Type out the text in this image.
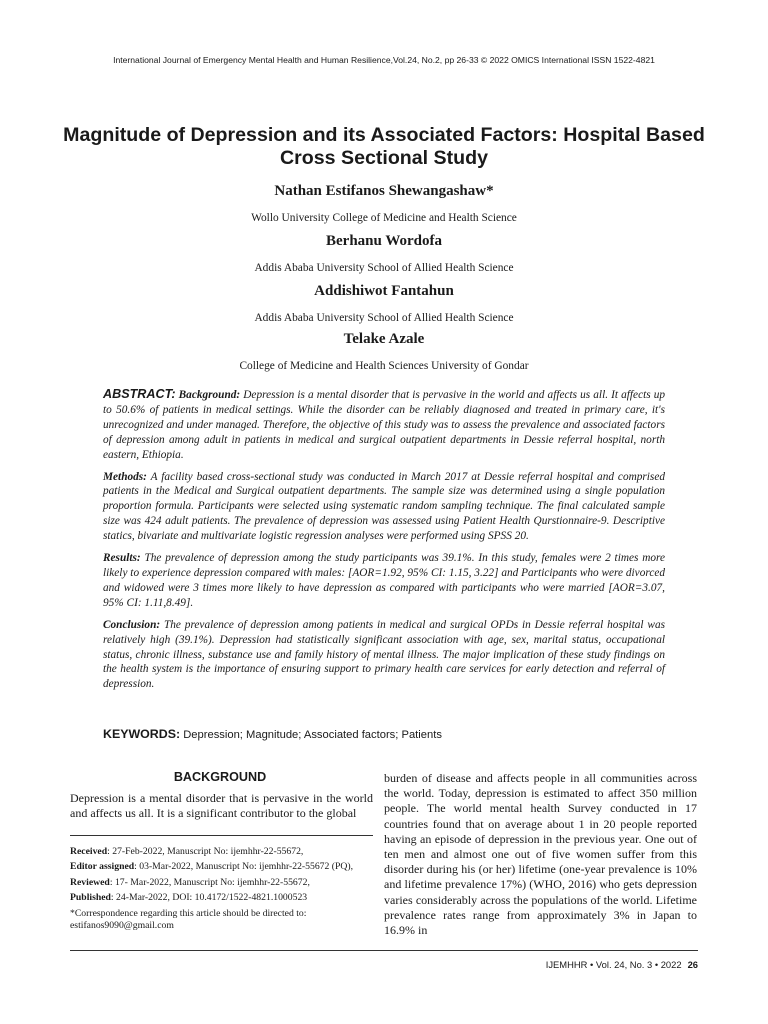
International Journal of Emergency Mental Health and Human Resilience,Vol.24, No.2, pp 26-33 © 2022 OMICS International ISSN 1522-4821
Magnitude of Depression and its Associated Factors: Hospital Based Cross Sectional Study
Nathan Estifanos Shewangashaw*
Wollo University College of Medicine and Health Science
Berhanu Wordofa
Addis Ababa University School of Allied Health Science
Addishiwot Fantahun
Addis Ababa University School of Allied Health Science
Telake Azale
College of Medicine and Health Sciences University of Gondar

ABSTRACT: Background: Depression is a mental disorder that is pervasive in the world and affects us all. It affects up to 50.6% of patients in medical settings. While the disorder can be reliably diagnosed and treated in primary care, it's unrecognized and under managed. Therefore, the objective of this study was to assess the prevalence and associated factors of depression among adult in patients in medical and surgical outpatient departments in Dessie referral hospital, north eastern, Ethiopia.

Methods: A facility based cross-sectional study was conducted in March 2017 at Dessie referral hospital and comprised patients in the Medical and Surgical outpatient departments. The sample size was determined using a single population proportion formula. Participants were selected using systematic random sampling technique. The final calculated sample size was 424 adult patients. The prevalence of depression was assessed using Patient Health Qurstionnaire-9. Descriptive statics, bivariate and multivariate logistic regression analyses were performed using SPSS 20.

Results: The prevalence of depression among the study participants was 39.1%. In this study, females were 2 times more likely to experience depression compared with males: [AOR=1.92, 95% CI: 1.15, 3.22] and Participants who were divorced and widowed were 3 times more likely to have depression as compared with participants who were married [AOR=3.07, 95% CI: 1.11,8.49].

Conclusion: The prevalence of depression among patients in medical and surgical OPDs in Dessie referral hospital was relatively high (39.1%). Depression had statistically significant association with age, sex, marital status, occupational status, chronic illness, substance use and family history of mental illness. The major implication of these study findings on the health system is the importance of ensuring support to primary health care services for early detection and referral of depression.

KEYWORDS: Depression; Magnitude; Associated factors; Patients
BACKGROUND
Depression is a mental disorder that is pervasive in the world and affects us all. It is a significant contributor to the global
Received: 27-Feb-2022, Manuscript No: ijemhhr-22-55672,
Editor assigned: 03-Mar-2022, Manuscript No: ijemhhr-22-55672 (PQ),
Reviewed: 17- Mar-2022, Manuscript No: ijemhhr-22-55672,
Published: 24-Mar-2022, DOI: 10.4172/1522-4821.1000523
*Correspondence regarding this article should be directed to: estifanos9090@gmail.com
burden of disease and affects people in all communities across the world. Today, depression is estimated to affect 350 million people. The world mental health Survey conducted in 17 countries found that on average about 1 in 20 people reported having an episode of depression in the previous year. One out of ten men and almost one out of five women suffer from this disorder during his (or her) lifetime (one-year prevalence is 10% and lifetime prevalence 17%) (WHO, 2016) who gets depression varies considerably across the populations of the world. Lifetime prevalence rates range from approximately 3% in Japan to 16.9% in
IJEMHHR • Vol. 24, No. 3 • 2022 26
